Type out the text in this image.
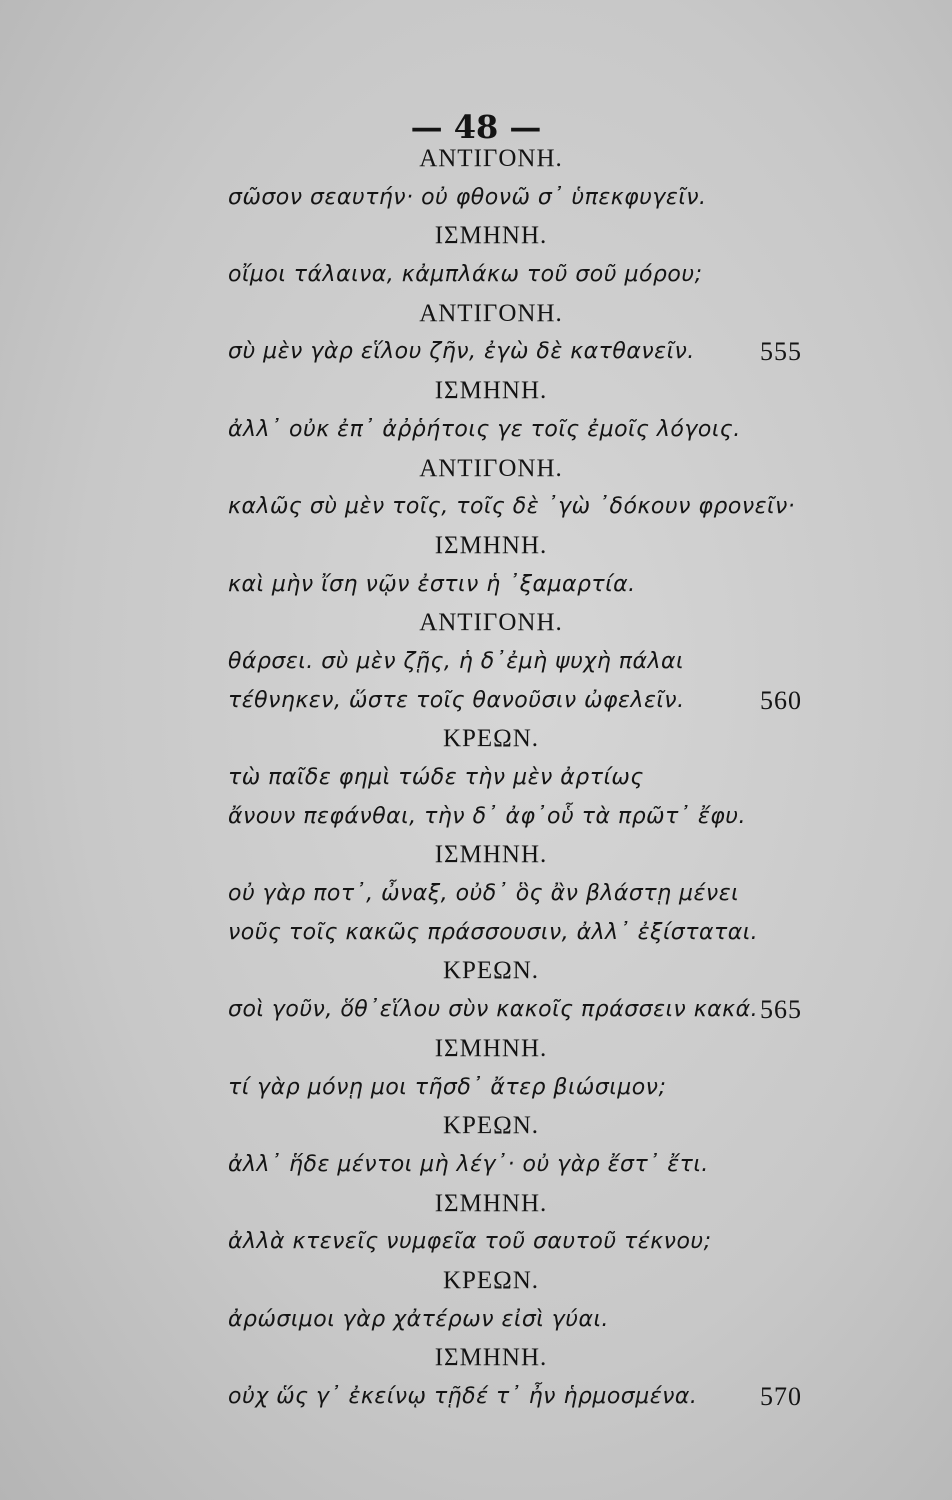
— 48 —
ΑΝΤΙΓΟΝΗ.
σῶσον σεαυτήν· οὐ φθονῶ σ᾽ ὑπεκφυγεῖν.
ΙΣΜΗΝΗ.
οἴμοι τάλαινα, κἀμπλάκω τοῦ σοῦ μόρου;
ΑΝΤΙΓΟΝΗ.
σὺ μὲν γὰρ εἵλου ζῆν, ἐγὼ δὲ κατθανεῖν.	555
ΙΣΜΗΝΗ.
ἀλλ᾽ οὐκ ἐπ᾽ ἀῤῥήτοις γε τοῖς ἐμοῖς λόγοις.
ΑΝΤΙΓΟΝΗ.
καλῶς σὺ μὲν τοῖς, τοῖς δὲ ᾽γὼ ᾽δόκουν φρονεῖν·
ΙΣΜΗΝΗ.
καὶ μὴν ἴση νῷν ἐστιν ἡ ᾽ξαμαρτία.
ΑΝΤΙΓΟΝΗ.
θάρσει. σὺ μὲν ζῇς, ἡ δ᾽ἐμὴ ψυχὴ πάλαι
τέθνηκεν, ὥστε τοῖς θανοῦσιν ὠφελεῖν.	560
ΚΡΕΩΝ.
τὼ παῖδε φημὶ τώδε τὴν μὲν ἀρτίως
ἄνουν πεφάνθαι, τὴν δ᾽ ἀφ᾽οὗ τὰ πρῶτ᾽ ἔφυ.
ΙΣΜΗΝΗ.
οὐ γὰρ ποτ᾽, ὦναξ, οὐδ᾽ ὃς ἂν βλάστῃ μένει
νοῦς τοῖς κακῶς πράσσουσιν, ἀλλ᾽ ἐξίσταται.
ΚΡΕΩΝ.
σοὶ γοῦν, ὅθ᾽εἵλου σὺν κακοῖς πράσσειν κακά. 565
ΙΣΜΗΝΗ.
τί γὰρ μόνῃ μοι τῆσδ᾽ ἄτερ βιώσιμον;
ΚΡΕΩΝ.
ἀλλ᾽ ἥδε μέντοι μὴ λέγ᾽· οὐ γὰρ ἔστ᾽ ἔτι.
ΙΣΜΗΝΗ.
ἀλλὰ κτενεῖς νυμφεῖα τοῦ σαυτοῦ τέκνου;
ΚΡΕΩΝ.
ἀρώσιμοι γὰρ χἀτέρων εἰσὶ γύαι.
ΙΣΜΗΝΗ.
οὐχ ὥς γ᾽ ἐκείνῳ τῇδέ τ᾽ ἦν ἡρμοσμένα. 570
